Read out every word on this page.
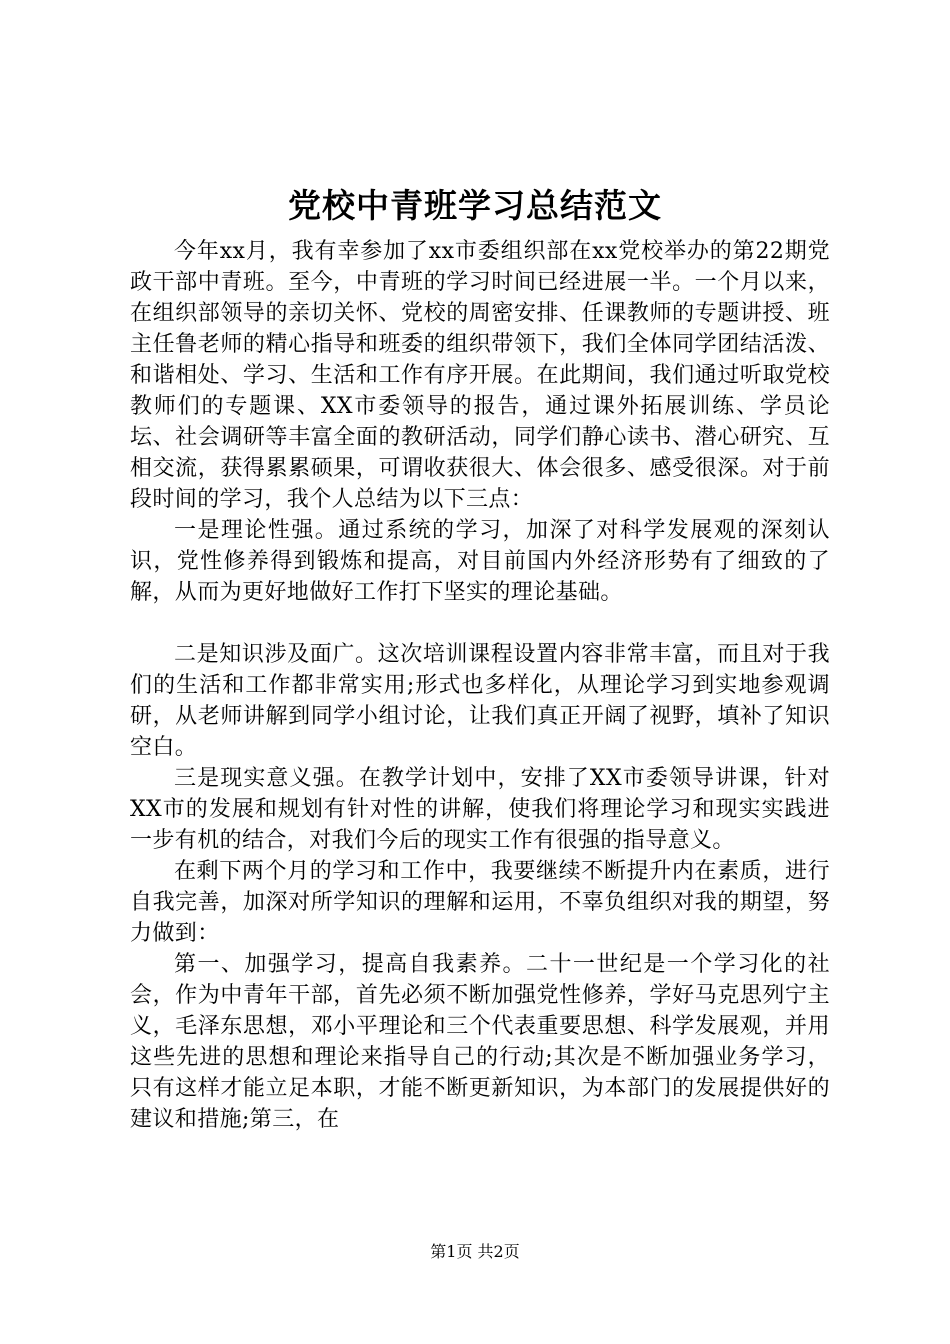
党校中青班学习总结范文

今年xx月，我有幸参加了xx市委组织部在xx党校举办的第22期党政干部中青班。至今，中青班的学习时间已经进展一半。一个月以来，在组织部领导的亲切关怀、党校的周密安排、任课教师的专题讲授、班主任鲁老师的精心指导和班委的组织带领下，我们全体同学团结活泼、和谐相处、学习、生活和工作有序开展。在此期间，我们通过听取党校教师们的专题课、XX市委领导的报告，通过课外拓展训练、学员论坛、社会调研等丰富全面的教研活动，同学们静心读书、潜心研究、互相交流，获得累累硕果，可谓收获很大、体会很多、感受很深。对于前段时间的学习，我个人总结为以下三点：

一是理论性强。通过系统的学习，加深了对科学发展观的深刻认识，党性修养得到锻炼和提高，对目前国内外经济形势有了细致的了解，从而为更好地做好工作打下坚实的理论基础。

二是知识涉及面广。这次培训课程设置内容非常丰富，而且对于我们的生活和工作都非常实用;形式也多样化，从理论学习到实地参观调研，从老师讲解到同学小组讨论，让我们真正开阔了视野，填补了知识空白。

三是现实意义强。在教学计划中，安排了XX市委领导讲课，针对XX市的发展和规划有针对性的讲解，使我们将理论学习和现实实践进一步有机的结合，对我们今后的现实工作有很强的指导意义。

在剩下两个月的学习和工作中，我要继续不断提升内在素质，进行自我完善，加深对所学知识的理解和运用，不辜负组织对我的期望，努力做到：

第一、加强学习，提高自我素养。二十一世纪是一个学习化的社会，作为中青年干部，首先必须不断加强党性修养，学好马克思列宁主义，毛泽东思想，邓小平理论和三个代表重要思想、科学发展观，并用这些先进的思想和理论来指导自己的行动;其次是不断加强业务学习，只有这样才能立足本职，才能不断更新知识，为本部门的发展提供好的建议和措施;第三，在

第1页 共2页
